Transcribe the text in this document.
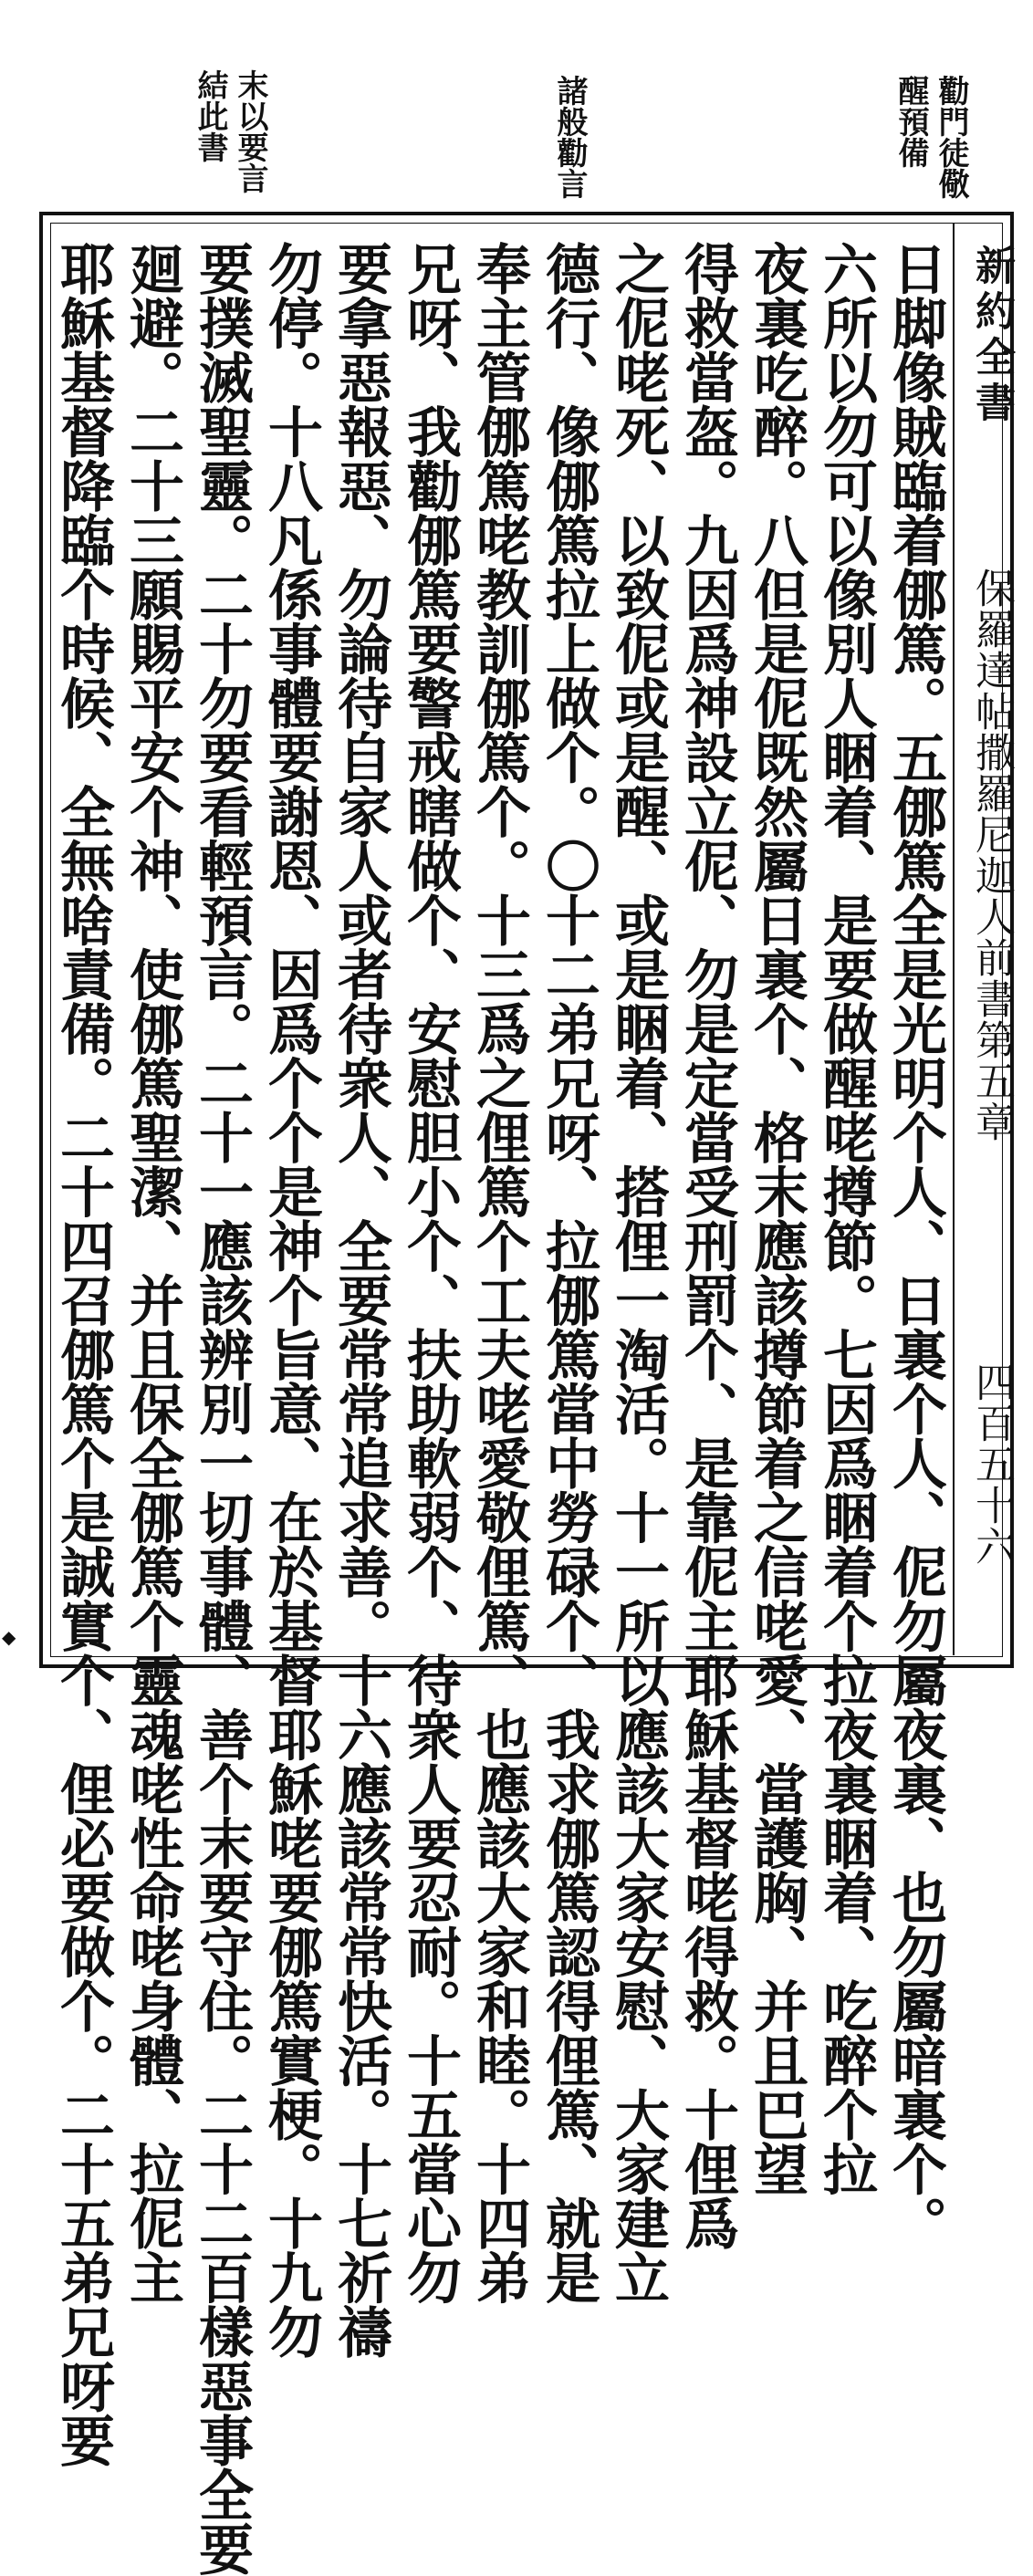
勸門徒儆
醒預備
諸般勸言
末以要言
結此書
新約全書
保羅達帖撒羅尼迦人前書第五章
四百五十六
日脚像賊臨着㑚篤。五㑚篤全是光明个人、日裏个人、伲勿屬夜裏、也勿屬暗裏个。
六所以勿可以像別人睏着、是要做醒咾撙節。七因爲睏着个拉夜裏睏着、吃醉个拉
夜裏吃醉。八但是伲既然屬日裏个、格末應該撙節着之信咾愛、當護胸、并且巴望
得救當盔。九因爲神設立伲、勿是定當受刑罰个、是靠伲主耶穌基督咾得救。十俚爲
之伲咾死、以致伲或是醒、或是睏着、搭俚一淘活。十一所以應該大家安慰、大家建立
德行、像㑚篤拉上做个。〇十二弟兄呀、拉㑚篤當中勞碌个、我求㑚篤認得俚篤、就是
奉主管㑚篤咾教訓㑚篤个。十三爲之俚篤个工夫咾愛敬俚篤、也應該大家和睦。十四弟
兄呀、我勸㑚篤要警戒瞎做个、安慰胆小个、扶助軟弱个、待衆人要忍耐。十五當心勿
要拿惡報惡、勿論待自家人或者待衆人、全要常常追求善。十六應該常常快活。十七祈禱
勿停。十八凡係事體要謝恩、因爲个个是神个旨意、在於基督耶穌咾要㑚篤實梗。十九勿
要撲滅聖靈。二十勿要看輕預言。二十一應該辨別一切事體、善个末要守住。二十二百樣惡事全要
廻避。二十三願賜平安个神、使㑚篤聖潔、并且保全㑚篤个靈魂咾性命咾身體、拉伲主
耶穌基督降臨个時候、全無啥責備。二十四召㑚篤个是誠實个、俚必要做个。二十五弟兄呀要
◆
